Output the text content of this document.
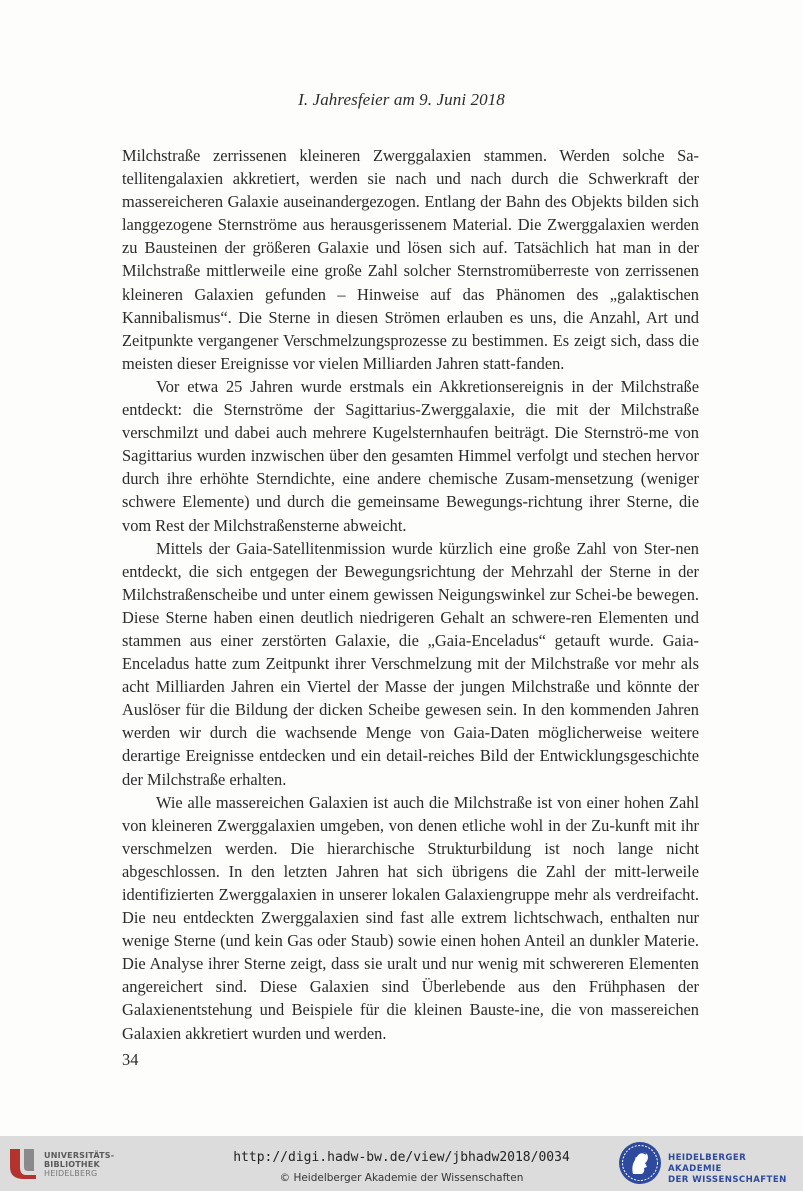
I. Jahresfeier am 9. Juni 2018

Milchstraße zerrissenen kleineren Zwerggalaxien stammen. Werden solche Sa-tellitengalaxien akkretiert, werden sie nach und nach durch die Schwerkraft der massereicheren Galaxie auseinandergezogen. Entlang der Bahn des Objekts bilden sich langgezogene Sternströme aus herausgerissenem Material. Die Zwerggalaxien werden zu Bausteinen der größeren Galaxie und lösen sich auf. Tatsächlich hat man in der Milchstraße mittlerweile eine große Zahl solcher Sternstromüberreste von zerrissenen kleineren Galaxien gefunden – Hinweise auf das Phänomen des „galaktischen Kannibalismus“. Die Sterne in diesen Strömen erlauben es uns, die Anzahl, Art und Zeitpunkte vergangener Verschmelzungsprozesse zu bestimmen. Es zeigt sich, dass die meisten dieser Ereignisse vor vielen Milliarden Jahren statt-fanden.

Vor etwa 25 Jahren wurde erstmals ein Akkretionsereignis in der Milchstraße entdeckt: die Sternströme der Sagittarius-Zwerggalaxie, die mit der Milchstraße verschmilzt und dabei auch mehrere Kugelsternhaufen beiträgt. Die Sternströ-me von Sagittarius wurden inzwischen über den gesamten Himmel verfolgt und stechen hervor durch ihre erhöhte Sterndichte, eine andere chemische Zusam-mensetzung (weniger schwere Elemente) und durch die gemeinsame Bewegungs-richtung ihrer Sterne, die vom Rest der Milchstraßensterne abweicht.

Mittels der Gaia-Satellitenmission wurde kürzlich eine große Zahl von Ster-nen entdeckt, die sich entgegen der Bewegungsrichtung der Mehrzahl der Sterne in der Milchstraßenscheibe und unter einem gewissen Neigungswinkel zur Schei-be bewegen. Diese Sterne haben einen deutlich niedrigeren Gehalt an schwere-ren Elementen und stammen aus einer zerstörten Galaxie, die „Gaia-Enceladus“ getauft wurde. Gaia-Enceladus hatte zum Zeitpunkt ihrer Verschmelzung mit der Milchstraße vor mehr als acht Milliarden Jahren ein Viertel der Masse der jungen Milchstraße und könnte der Auslöser für die Bildung der dicken Scheibe gewesen sein. In den kommenden Jahren werden wir durch die wachsende Menge von Gaia-Daten möglicherweise weitere derartige Ereignisse entdecken und ein detail-reiches Bild der Entwicklungsgeschichte der Milchstraße erhalten.

Wie alle massereichen Galaxien ist auch die Milchstraße ist von einer hohen Zahl von kleineren Zwerggalaxien umgeben, von denen etliche wohl in der Zu-kunft mit ihr verschmelzen werden. Die hierarchische Strukturbildung ist noch lange nicht abgeschlossen. In den letzten Jahren hat sich übrigens die Zahl der mitt-lerweile identifizierten Zwerggalaxien in unserer lokalen Galaxiengruppe mehr als verdreifacht. Die neu entdeckten Zwerggalaxien sind fast alle extrem lichtschwach, enthalten nur wenige Sterne (und kein Gas oder Staub) sowie einen hohen Anteil an dunkler Materie. Die Analyse ihrer Sterne zeigt, dass sie uralt und nur wenig mit schwereren Elementen angereichert sind. Diese Galaxien sind Überlebende aus den Frühphasen der Galaxienentstehung und Beispiele für die kleinen Bauste-ine, die von massereichen Galaxien akkretiert wurden und werden.

34
UNIVERSITÄTS-
BIBLIOTHEK
HEIDELBERG
http://digi.hadw-bw.de/view/jbhadw2018/0034
© Heidelberger Akademie der Wissenschaften
HEIDELBERGER AKADEMIE
DER WISSENSCHAFTEN
